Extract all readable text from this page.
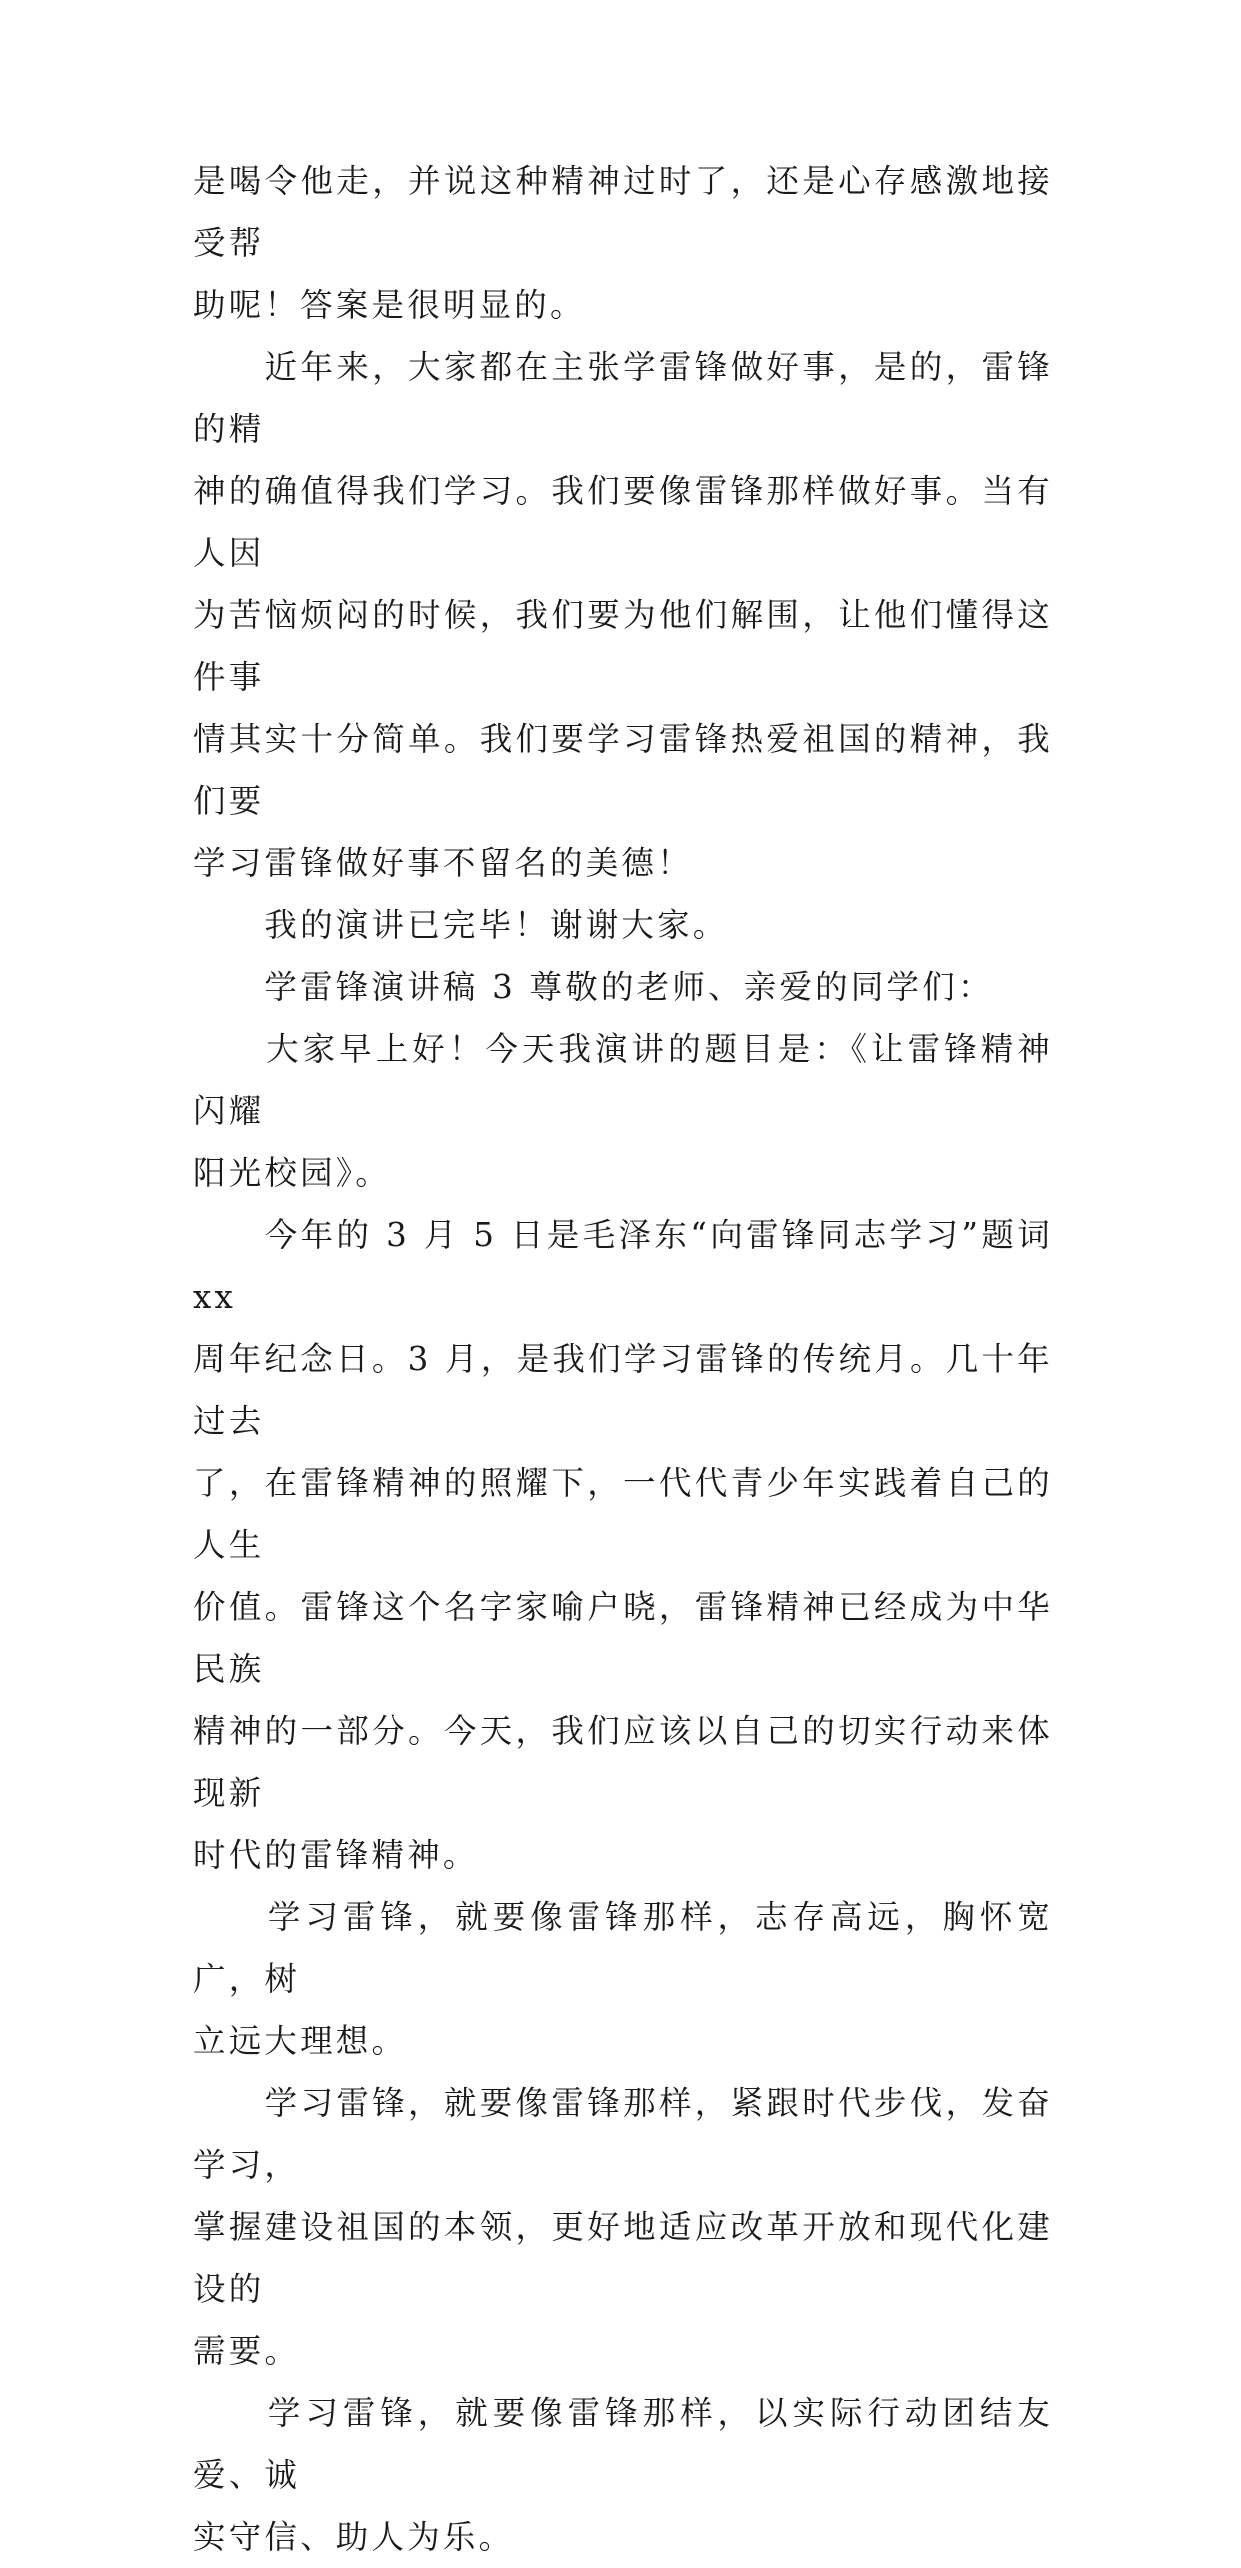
是喝令他走，并说这种精神过时了，还是心存感激地接受帮
助呢！答案是很明显的。

　　近年来，大家都在主张学雷锋做好事，是的，雷锋的精
神的确值得我们学习。我们要像雷锋那样做好事。当有人因
为苦恼烦闷的时候，我们要为他们解围，让他们懂得这件事
情其实十分简单。我们要学习雷锋热爱祖国的精神，我们要
学习雷锋做好事不留名的美德！

　　我的演讲已完毕！谢谢大家。

　　学雷锋演讲稿 3 尊敬的老师、亲爱的同学们：

　　大家早上好！今天我演讲的题目是：《让雷锋精神闪耀
阳光校园》。

　　今年的 3 月 5 日是毛泽东“向雷锋同志学习”题词 xx
周年纪念日。3 月，是我们学习雷锋的传统月。几十年过去
了，在雷锋精神的照耀下，一代代青少年实践着自己的人生
价值。雷锋这个名字家喻户晓，雷锋精神已经成为中华民族
精神的一部分。今天，我们应该以自己的切实行动来体现新
时代的雷锋精神。

　　学习雷锋，就要像雷锋那样，志存高远，胸怀宽广，树
立远大理想。

　　学习雷锋，就要像雷锋那样，紧跟时代步伐，发奋学习，
掌握建设祖国的本领，更好地适应改革开放和现代化建设的
需要。

　　学习雷锋，就要像雷锋那样，以实际行动团结友爱、诚
实守信、助人为乐。
